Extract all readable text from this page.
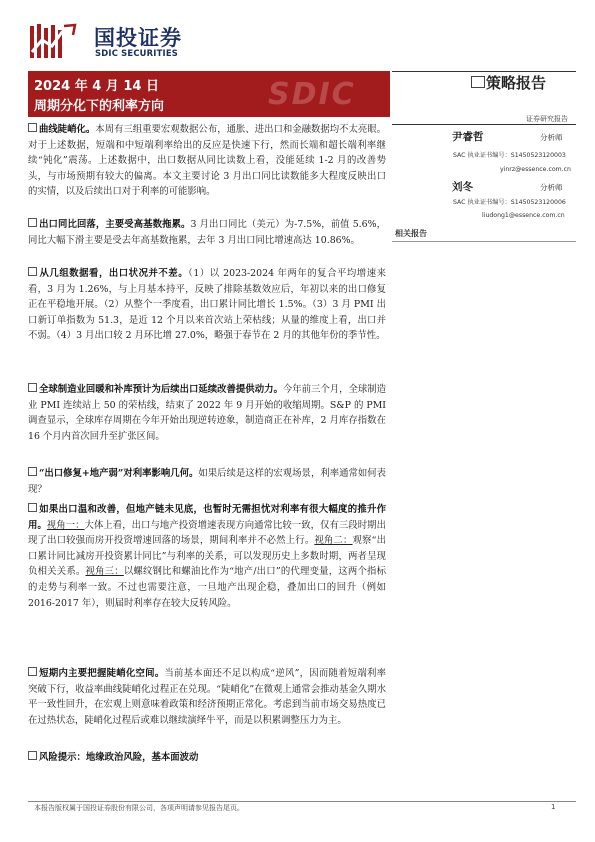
国投证券
SDIC SECURITIES
SDIC
2024 年 4 月 14 日
周期分化下的利率方向
策略报告
证券研究报告
尹睿哲	分析师
SAC 执业证书编号：S1450523120003
yinrz@essence.com.cn
刘冬	分析师
SAC 执业证书编号：S1450523120006
liudong1@essence.com.cn
相关报告
曲线陡峭化。本周有三组重要宏观数据公布，通胀、进出口和金融数据均不太亮眼。对于上述数据，短端和中短端利率给出的反应是快速下行，然而长端和超长端利率继续“钝化”震荡。上述数据中，出口数据从同比读数上看，没能延续 1-2 月的改善势头，与市场预期有较大的偏离。本文主要讨论 3 月出口同比读数能多大程度反映出口的实情，以及后续出口对于利率的可能影响。
出口同比回落，主要受高基数拖累。3 月出口同比（美元）为-7.5%，前值 5.6%，同比大幅下滑主要是受去年高基数拖累，去年 3 月出口同比增速高达 10.86%。
从几组数据看，出口状况并不差。（1）以 2023-2024 年两年的复合平均增速来看，3 月为 1.26%，与上月基本持平，反映了排除基数效应后，年初以来的出口修复正在平稳地开展。（2）从整个一季度看，出口累计同比增长 1.5%。（3）3 月 PMI 出口新订单指数为 51.3，是近 12 个月以来首次站上荣枯线；从量的维度上看，出口并不弱。（4）3 月出口较 2 月环比增 27.0%，略强于春节在 2 月的其他年份的季节性。
全球制造业回暖和补库预计为后续出口延续改善提供动力。今年前三个月，全球制造业 PMI 连续站上 50 的荣枯线，结束了 2022 年 9 月开始的收缩周期。S&P 的 PMI 调查显示，全球库存周期在今年开始出现逆转迹象，制造商正在补库，2 月库存指数在 16 个月内首次回升至扩张区间。
“出口修复+地产弱”对利率影响几何。如果后续是这样的宏观场景，利率通常如何表现？
如果出口温和改善，但地产链未见底，也暂时无需担忧对利率有很大幅度的推升作用。视角一：大体上看，出口与地产投资增速表现方向通常比较一致，仅有三段时期出现了出口较强而房开投资增速回落的场景，期间利率并不必然上行。视角二：观察“出口累计同比减房开投资累计同比”与利率的关系，可以发现历史上多数时期，两者呈现负相关关系。视角三：以螺纹钢比和螺油比作为“地产/出口”的代理变量，这两个指标的走势与利率一致。不过也需要注意，一旦地产出现企稳，叠加出口的回升（例如 2016-2017 年），则届时利率存在较大反转风险。
短期内主要把握陡峭化空间。当前基本面还不足以构成“逆风”，因而随着短端利率突破下行，收益率曲线陡峭化过程正在兑现。“陡峭化”在微观上通常会推动基金久期水平一致性回升，在宏观上则意味着政策和经济预期正常化。考虑到当前市场交易热度已在过热状态，陡峭化过程后或难以继续演绎牛平，而是以积累调整压力为主。
风险提示：地缘政治风险，基本面波动
本报告版权属于国投证券股份有限公司，各项声明请参见报告尾页。	1
